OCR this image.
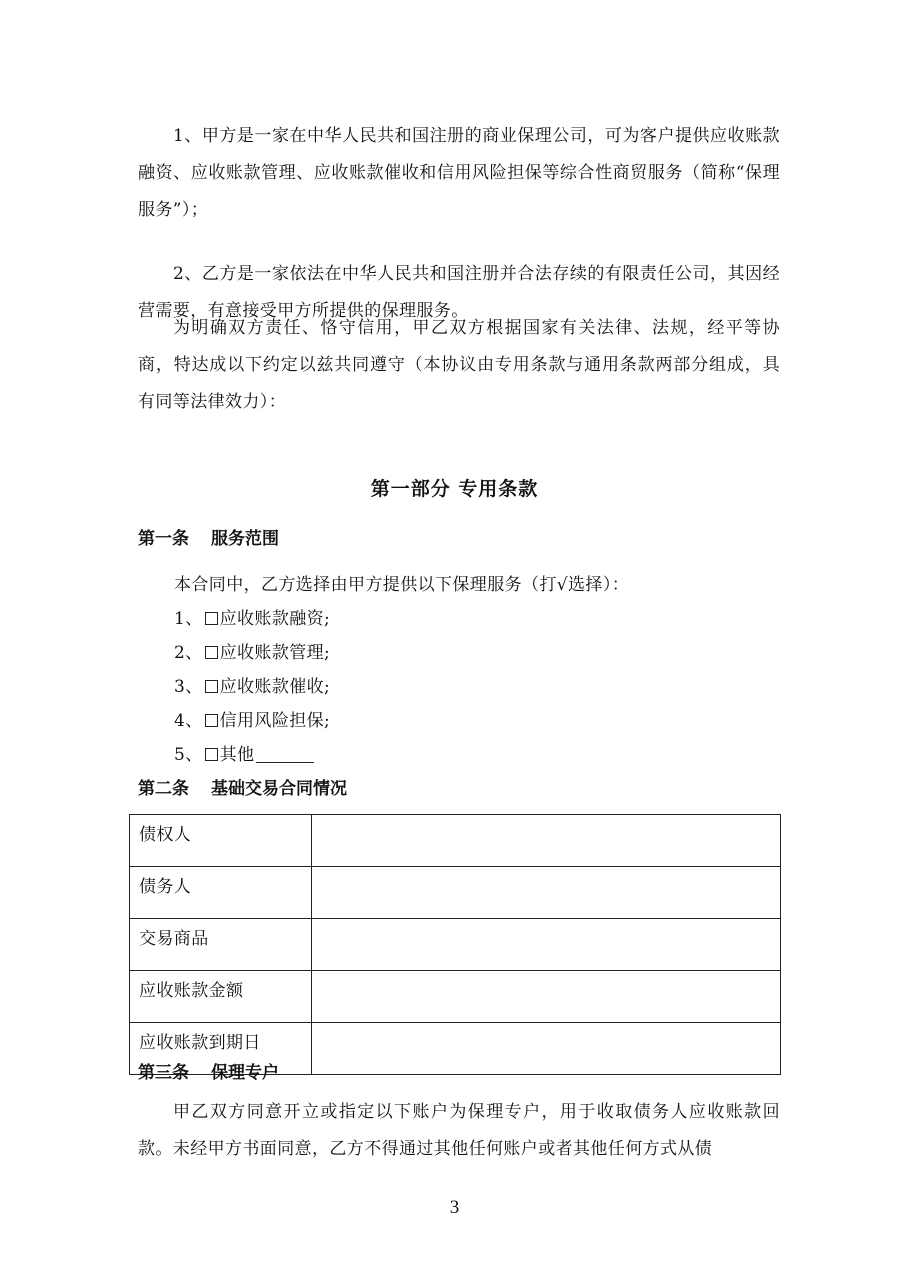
1、甲方是一家在中华人民共和国注册的商业保理公司，可为客户提供应收账款融资、应收账款管理、应收账款催收和信用风险担保等综合性商贸服务（简称“保理服务”）；

2、乙方是一家依法在中华人民共和国注册并合法存续的有限责任公司，其因经营需要，有意接受甲方所提供的保理服务。

为明确双方责任、恪守信用，甲乙双方根据国家有关法律、法规，经平等协商，特达成以下约定以兹共同遵守（本协议由专用条款与通用条款两部分组成，具有同等法律效力）：

第一部分 专用条款
第一条 服务范围

本合同中，乙方选择由甲方提供以下保理服务（打√选择）：

1、 应收账款融资;

2、 应收账款管理;

3、 应收账款催收;

4、 信用风险担保;

5、 其他

第二条 基础交易合同情况
债权人	
债务人	
交易商品	
应收账款金额	
应收账款到期日	
第三条 保理专户

甲乙双方同意开立或指定以下账户为保理专户，用于收取债务人应收账款回款。未经甲方书面同意，乙方不得通过其他任何账户或者其他任何方式从债

3
